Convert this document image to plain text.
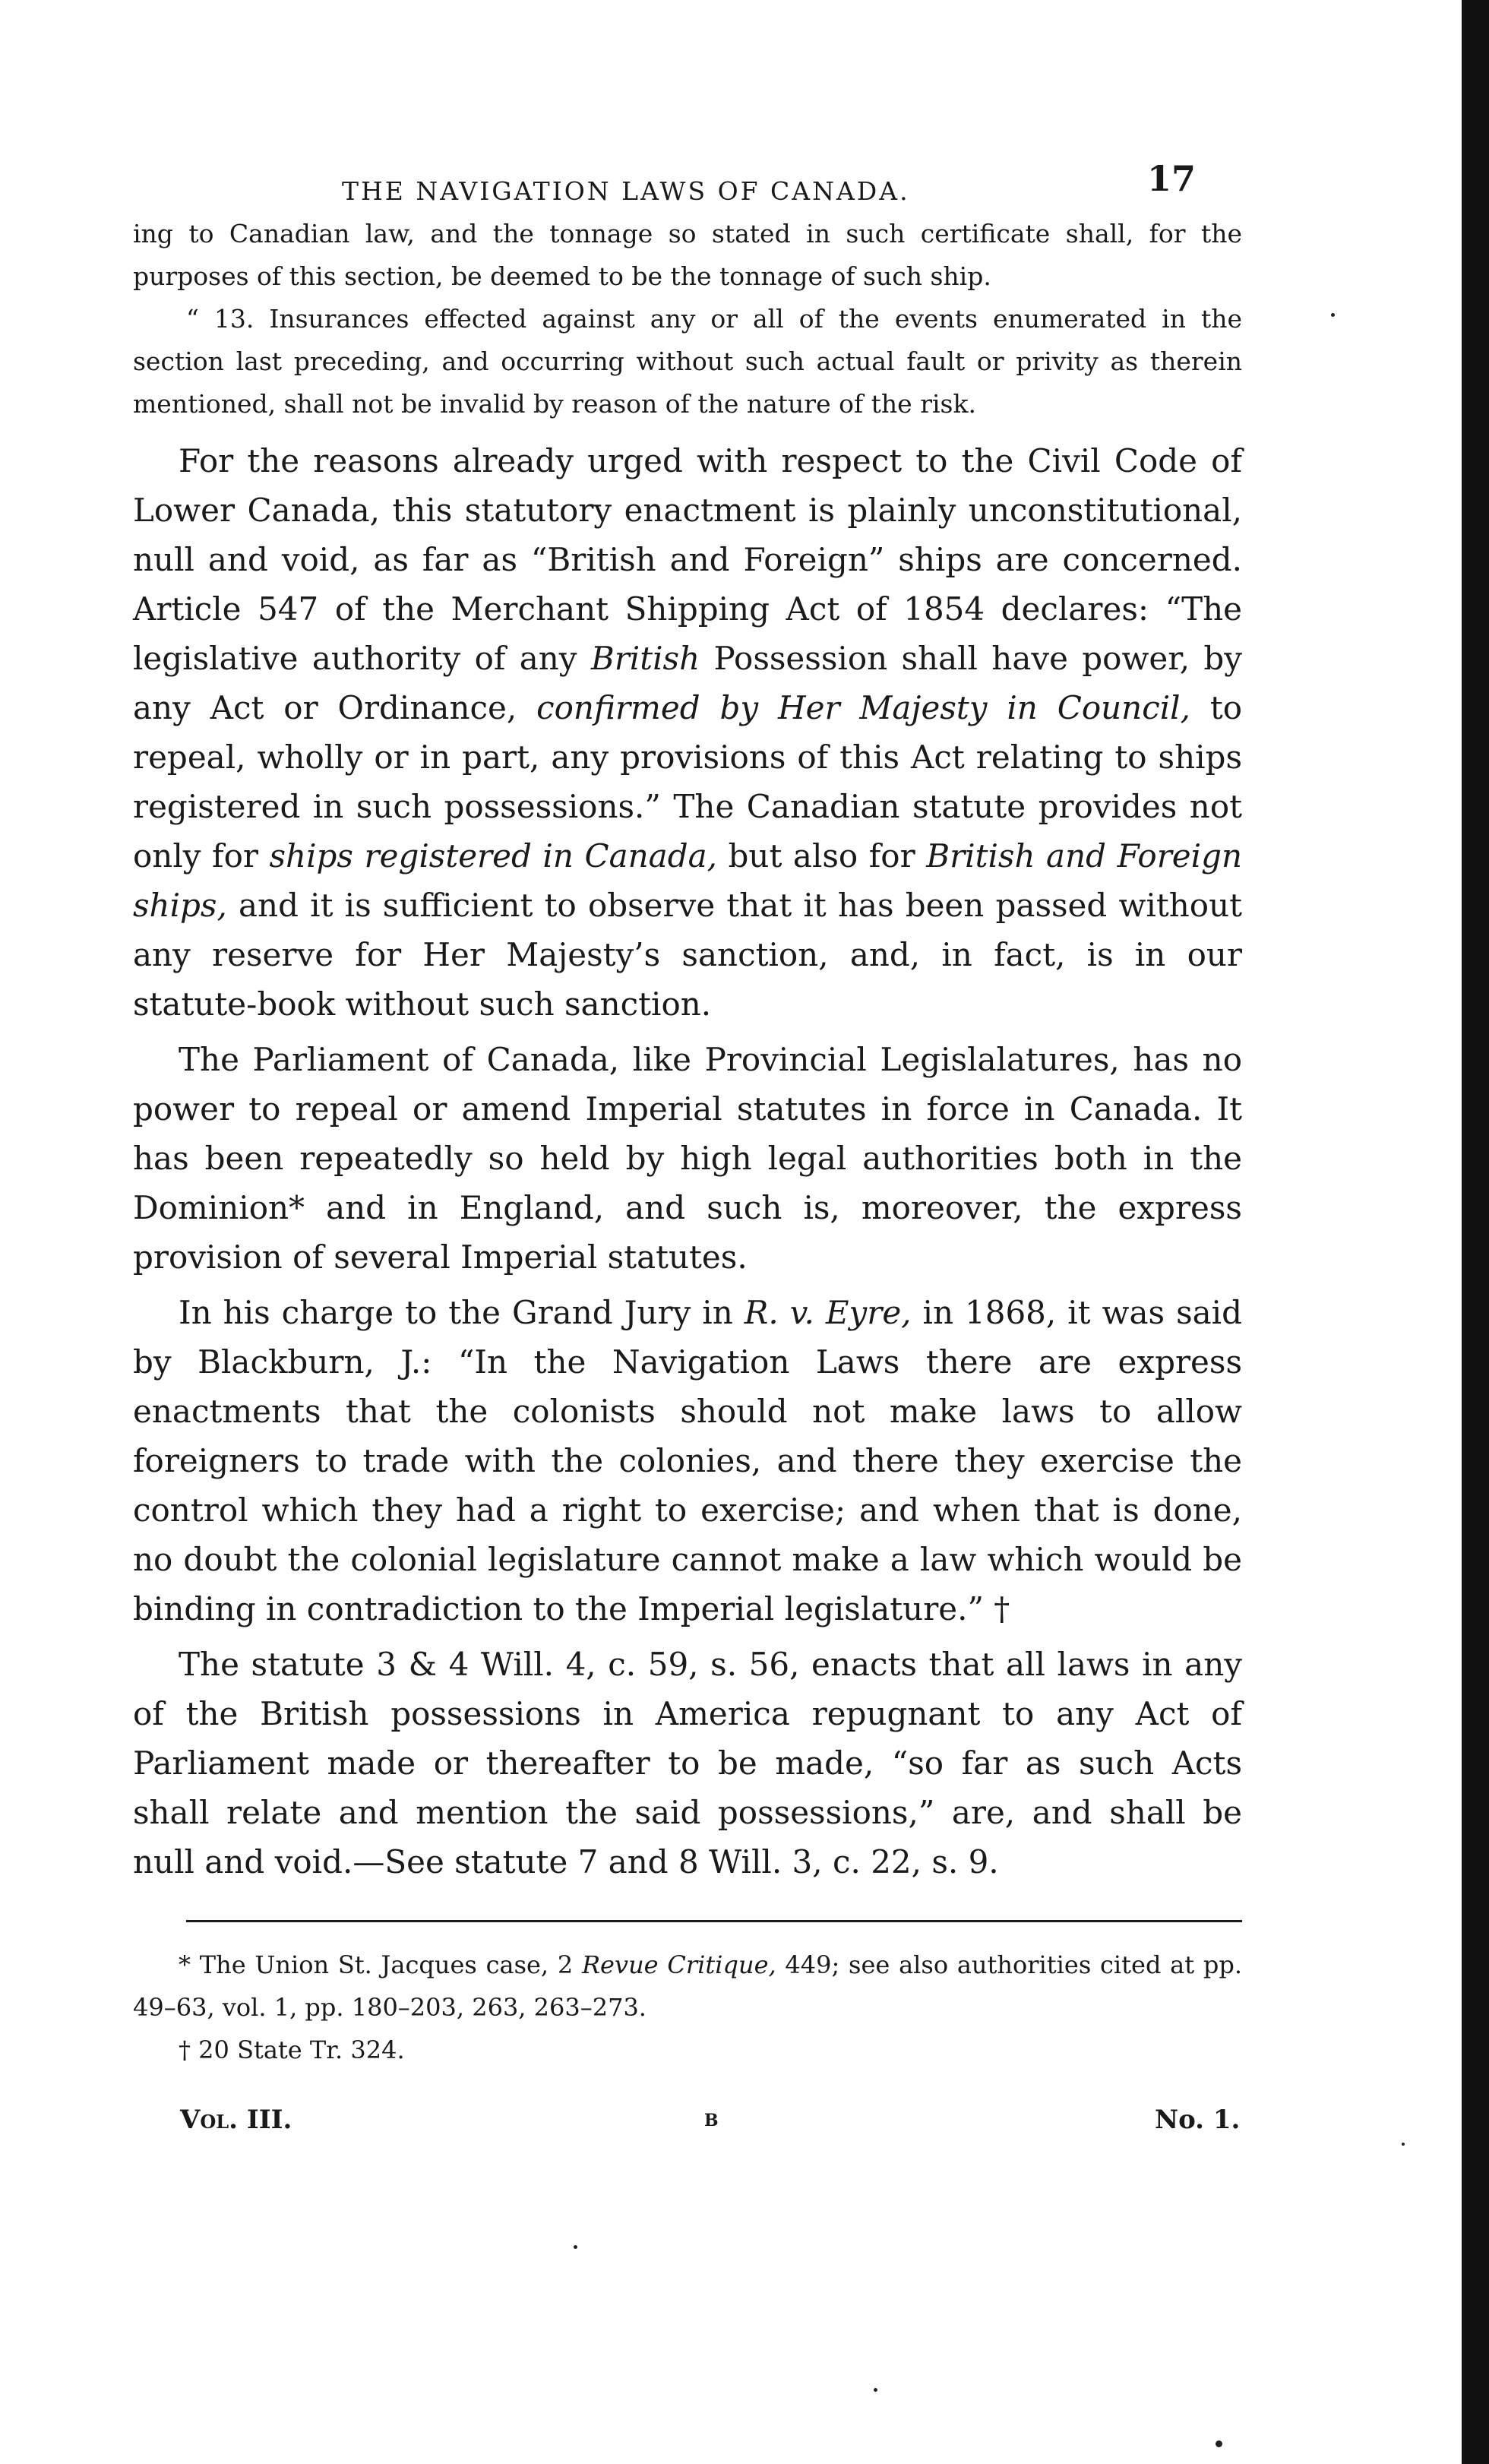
THE NAVIGATION LAWS OF CANADA.	17

ing to Canadian law, and the tonnage so stated in such certificate shall, for the purposes of this section, be deemed to be the tonnage of such ship.

“ 13. Insurances effected against any or all of the events enumerated in the section last preceding, and occurring without such actual fault or privity as therein mentioned, shall not be invalid by reason of the nature of the risk.

For the reasons already urged with respect to the Civil Code of Lower Canada, this statutory enactment is plainly unconstitutional, null and void, as far as “British and Foreign” ships are concerned. Article 547 of the Merchant Shipping Act of 1854 declares: “The legislative authority of any British Possession shall have power, by any Act or Ordinance, confirmed by Her Majesty in Council, to repeal, wholly or in part, any provisions of this Act relating to ships registered in such possessions.” The Canadian statute provides not only for ships registered in Canada, but also for British and Foreign ships, and it is sufficient to observe that it has been passed without any reserve for Her Majesty’s sanction, and, in fact, is in our statute-book without such sanction.

The Parliament of Canada, like Provincial Legislalatures, has no power to repeal or amend Imperial statutes in force in Canada. It has been repeatedly so held by high legal authorities both in the Dominion* and in England, and such is, moreover, the express provision of several Imperial statutes.

In his charge to the Grand Jury in R. v. Eyre, in 1868, it was said by Blackburn, J.: “In the Navigation Laws there are express enactments that the colonists should not make laws to allow foreigners to trade with the colonies, and there they exercise the control which they had a right to exercise; and when that is done, no doubt the colonial legislature cannot make a law which would be binding in contradiction to the Imperial legislature.” †

The statute 3 & 4 Will. 4, c. 59, s. 56, enacts that all laws in any of the British possessions in America repugnant to any Act of Parliament made or thereafter to be made, “so far as such Acts shall relate and mention the said possessions,” are, and shall be null and void.—See statute 7 and 8 Will. 3, c. 22, s. 9.

* The Union St. Jacques case, 2 Revue Critique, 449; see also authorities cited at pp. 49–63, vol. 1, pp. 180–203, 263, 263–273.

† 20 State Tr. 324.

Vol. III.	B	No. 1.
